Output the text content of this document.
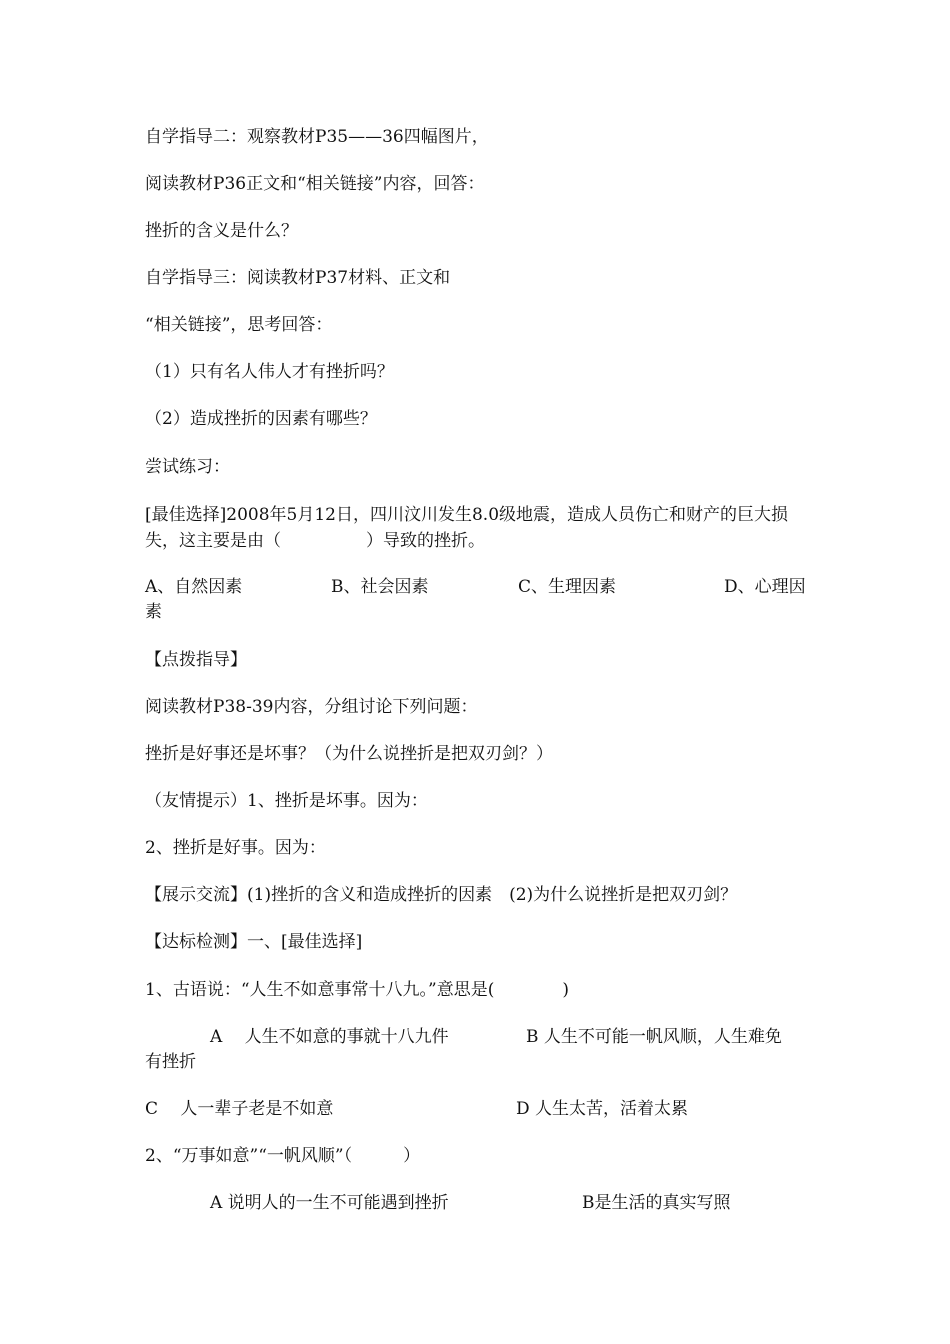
自学指导二：观察教材P35——36四幅图片，
阅读教材P36正文和“相关链接”内容，回答：
挫折的含义是什么？
自学指导三：阅读教材P37材料、正文和
“相关链接”，思考回答：
（1）只有名人伟人才有挫折吗？
（2）造成挫折的因素有哪些？
尝试练习：
[最佳选择]2008年5月12日，四川汶川发生8.0级地震，造成人员伤亡和财产的巨大损失，这主要是由（　　　　　）导致的挫折。
A、自然因素	B、社会因素	C、生理因素	D、心理因
素
【点拨指导】
阅读教材P38-39内容，分组讨论下列问题：
挫折是好事还是坏事？（为什么说挫折是把双刃剑？）
（友情提示）1、挫折是坏事。因为：
2、挫折是好事。因为：
【展示交流】(1)挫折的含义和造成挫折的因素　(2)为什么说挫折是把双刃剑？
【达标检测】一、[最佳选择]
1、古语说：“人生不如意事常十八九。”意思是(　　　　)
A　 人生不如意的事就十八九件	B 人生不可能一帆风顺，人生难免
有挫折
C　 人一辈子老是不如意	D 人生太苦，活着太累
2、“万事如意”“一帆风顺”（　　　）
A 说明人的一生不可能遇到挫折	B是生活的真实写照
